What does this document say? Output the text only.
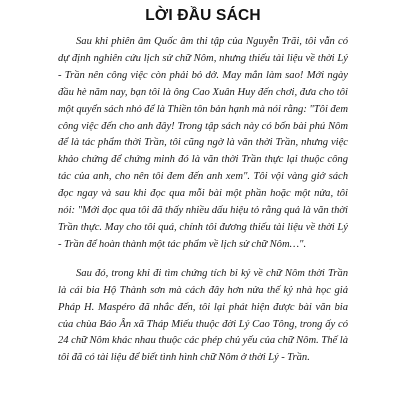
LỜI ĐẦU SÁCH

Sau khi phiên âm Quốc âm thi tập của Nguyễn Trãi, tôi vẫn có dự định nghiên cứu lịch sử chữ Nôm, nhưng thiếu tài liệu về thời Lý - Trần nên công việc còn phải bỏ dở. May mắn làm sao! Mới ngày đầu hè năm nay, bạn tôi là ông Cao Xuân Huy đến chơi, đưa cho tôi một quyển sách nhỏ để là Thiền tôn bản hạnh mà nói rằng: "Tôi đem công việc đến cho anh đây! Trong tập sách này có bốn bài phú Nôm để là tác phẩm thời Trần, tôi cũng ngờ là văn thời Trần, nhưng việc khảo chứng để chứng minh đó là văn thời Trần thực lại thuộc công tác của anh, cho nên tôi đem đến anh xem". Tôi vội vàng giở sách đọc ngay và sau khi đọc qua mỗi bài một phần hoặc một nửa, tôi nói: "Mới đọc qua tôi đã thấy nhiều dấu hiệu tỏ rằng quả là văn thời Trần thực. May cho tôi quá, chính tôi đương thiếu tài liệu về thời Lý - Trần để hoàn thành một tác phẩm về lịch sử chữ Nôm…".

Sau đó, trong khi đi tìm chứng tích bi ký về chữ Nôm thời Trần là cái bia Hộ Thành sơn mà cách đây hơn nửa thế kỷ nhà học giả Pháp H. Maspéro đã nhắc đến, tôi lại phát hiện được bài văn bia của chùa Báo Ân xã Tháp Miếu thuộc đời Lý Cao Tông, trong ấy có 24 chữ Nôm khác nhau thuộc các phép chủ yếu của chữ Nôm. Thế là tôi đã có tài liệu để biết tình hình chữ Nôm ở thời Lý - Trần.
